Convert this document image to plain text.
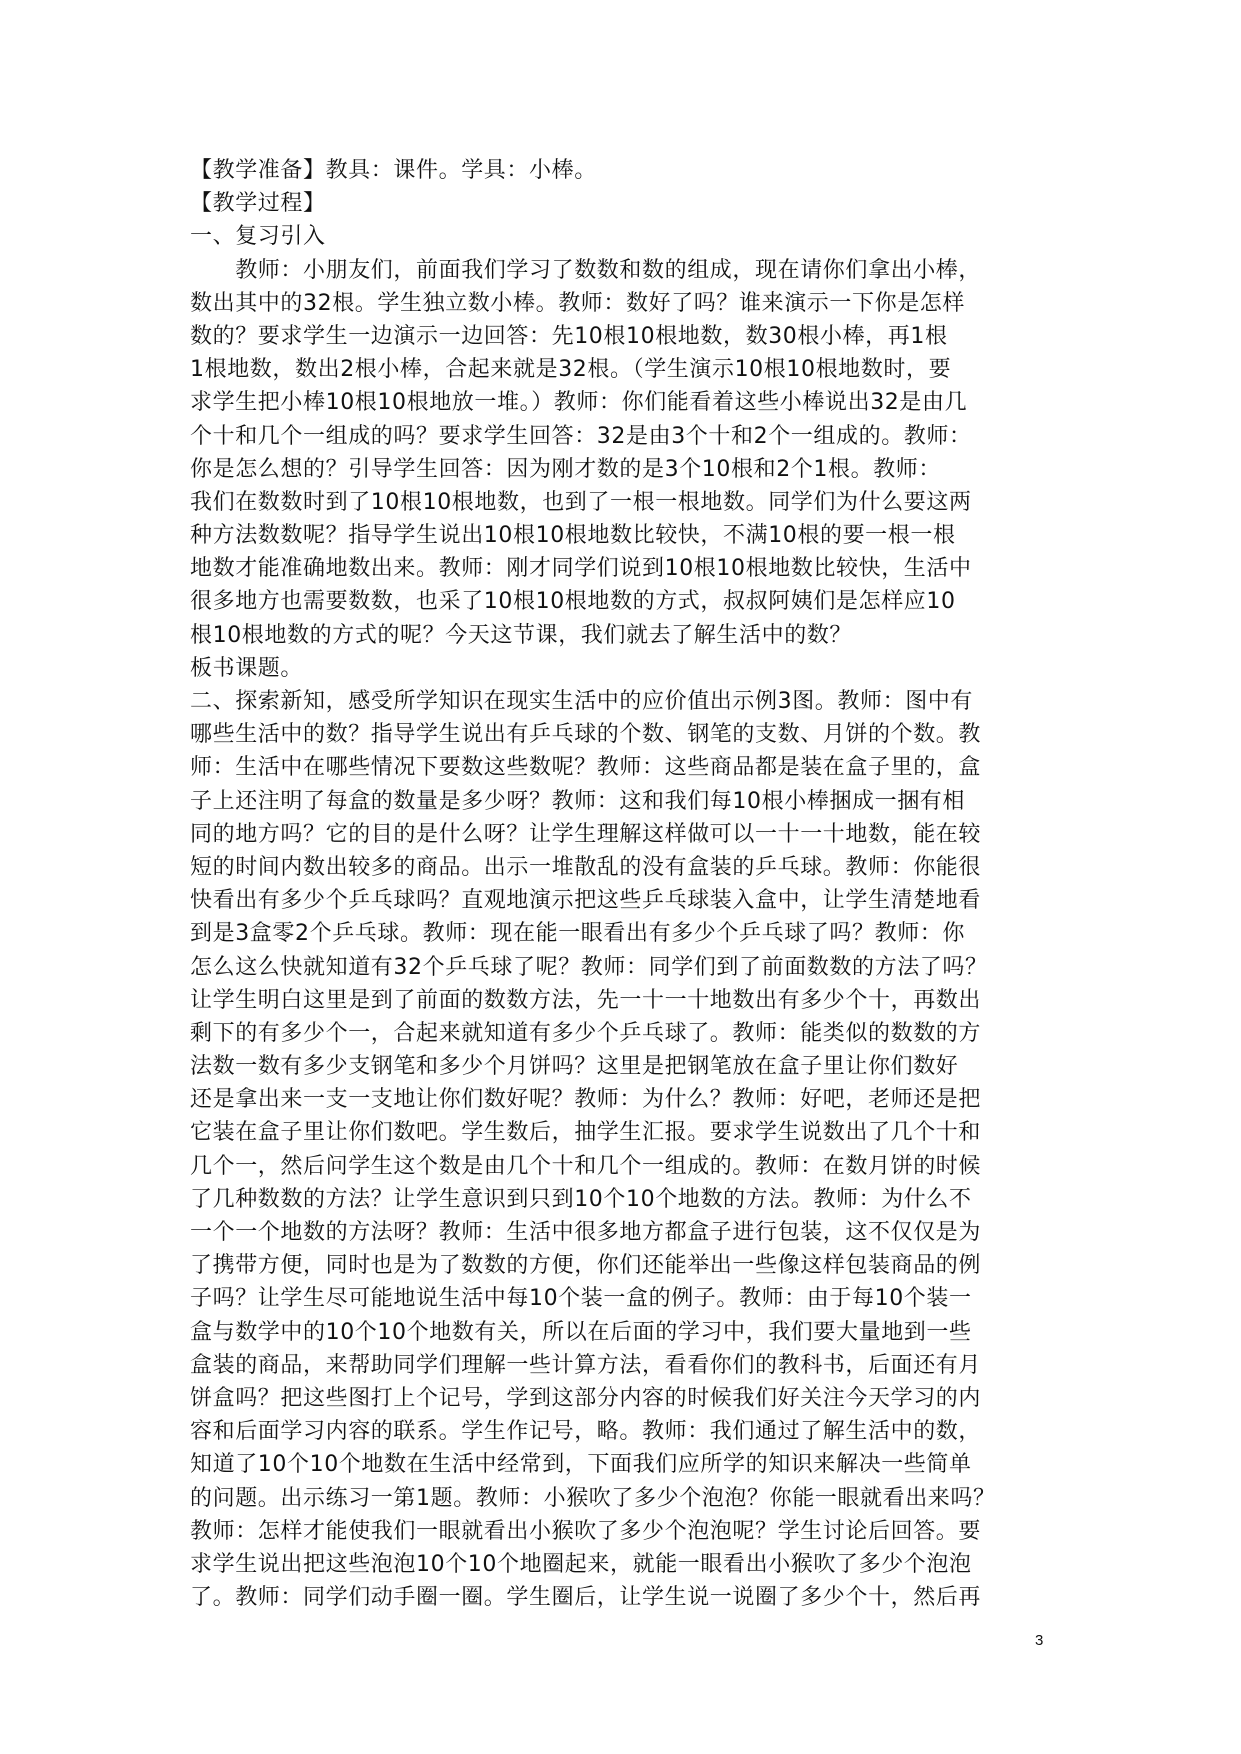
【教学准备】教具：课件。学具：小棒。
【教学过程】
一、复习引入
　　教师：小朋友们，前面我们学习了数数和数的组成，现在请你们拿出小棒，
数出其中的32根。学生独立数小棒。教师：数好了吗？谁来演示一下你是怎样
数的？要求学生一边演示一边回答：先10根10根地数，数30根小棒，再1根
1根地数，数出2根小棒，合起来就是32根。（学生演示10根10根地数时，要
求学生把小棒10根10根地放一堆。）教师：你们能看着这些小棒说出32是由几
个十和几个一组成的吗？要求学生回答：32是由3个十和2个一组成的。教师：
你是怎么想的？引导学生回答：因为刚才数的是3个10根和2个1根。教师：
我们在数数时到了10根10根地数，也到了一根一根地数。同学们为什么要这两
种方法数数呢？指导学生说出10根10根地数比较快，不满10根的要一根一根
地数才能准确地数出来。教师：刚才同学们说到10根10根地数比较快，生活中
很多地方也需要数数，也采了10根10根地数的方式，叔叔阿姨们是怎样应10
根10根地数的方式的呢？今天这节课，我们就去了解生活中的数？
板书课题。
二、探索新知，感受所学知识在现实生活中的应价值出示例3图。教师：图中有
哪些生活中的数？指导学生说出有乒乓球的个数、钢笔的支数、月饼的个数。教
师：生活中在哪些情况下要数这些数呢？教师：这些商品都是装在盒子里的，盒
子上还注明了每盒的数量是多少呀？教师：这和我们每10根小棒捆成一捆有相
同的地方吗？它的目的是什么呀？让学生理解这样做可以一十一十地数，能在较
短的时间内数出较多的商品。出示一堆散乱的没有盒装的乒乓球。教师：你能很
快看出有多少个乒乓球吗？直观地演示把这些乒乓球装入盒中，让学生清楚地看
到是3盒零2个乒乓球。教师：现在能一眼看出有多少个乒乓球了吗？教师：你
怎么这么快就知道有32个乒乓球了呢？教师：同学们到了前面数数的方法了吗？
让学生明白这里是到了前面的数数方法，先一十一十地数出有多少个十，再数出
剩下的有多少个一，合起来就知道有多少个乒乓球了。教师：能类似的数数的方
法数一数有多少支钢笔和多少个月饼吗？这里是把钢笔放在盒子里让你们数好
还是拿出来一支一支地让你们数好呢？教师：为什么？教师：好吧，老师还是把
它装在盒子里让你们数吧。学生数后，抽学生汇报。要求学生说数出了几个十和
几个一，然后问学生这个数是由几个十和几个一组成的。教师：在数月饼的时候
了几种数数的方法？让学生意识到只到10个10个地数的方法。教师：为什么不
一个一个地数的方法呀？教师：生活中很多地方都盒子进行包装，这不仅仅是为
了携带方便，同时也是为了数数的方便，你们还能举出一些像这样包装商品的例
子吗？让学生尽可能地说生活中每10个装一盒的例子。教师：由于每10个装一
盒与数学中的10个10个地数有关，所以在后面的学习中，我们要大量地到一些
盒装的商品，来帮助同学们理解一些计算方法，看看你们的教科书，后面还有月
饼盒吗？把这些图打上个记号，学到这部分内容的时候我们好关注今天学习的内
容和后面学习内容的联系。学生作记号，略。教师：我们通过了解生活中的数，
知道了10个10个地数在生活中经常到，下面我们应所学的知识来解决一些简单
的问题。出示练习一第1题。教师：小猴吹了多少个泡泡？你能一眼就看出来吗？
教师：怎样才能使我们一眼就看出小猴吹了多少个泡泡呢？学生讨论后回答。要
求学生说出把这些泡泡10个10个地圈起来，就能一眼看出小猴吹了多少个泡泡
了。教师：同学们动手圈一圈。学生圈后，让学生说一说圈了多少个十，然后再
3
